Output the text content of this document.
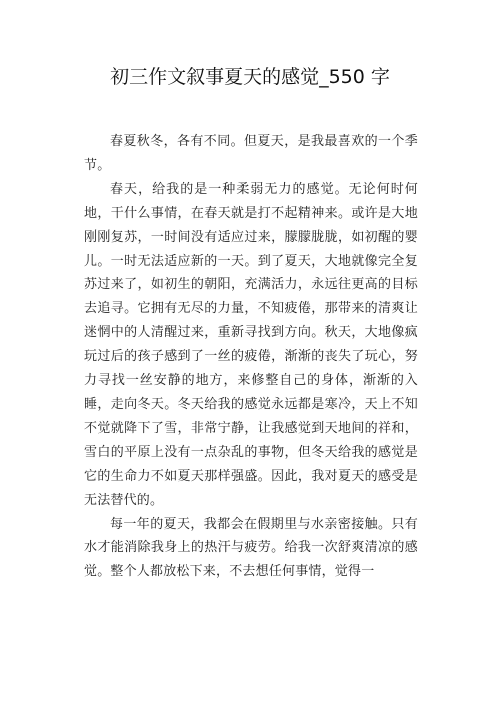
初三作文叙事夏天的感觉_550 字

春夏秋冬，各有不同。但夏天，是我最喜欢的一个季节。

春天，给我的是一种柔弱无力的感觉。无论何时何地，干什么事情，在春天就是打不起精神来。或许是大地刚刚复苏，一时间没有适应过来，朦朦胧胧，如初醒的婴儿。一时无法适应新的一天。到了夏天，大地就像完全复苏过来了，如初生的朝阳，充满活力，永远往更高的目标去追寻。它拥有无尽的力量，不知疲倦，那带来的清爽让迷惘中的人清醒过来，重新寻找到方向。秋天，大地像疯玩过后的孩子感到了一丝的疲倦，渐渐的丧失了玩心，努力寻找一丝安静的地方，来修整自己的身体，渐渐的入睡，走向冬天。冬天给我的感觉永远都是寒冷，天上不知不觉就降下了雪，非常宁静，让我感觉到天地间的祥和，雪白的平原上没有一点杂乱的事物，但冬天给我的感觉是它的生命力不如夏天那样强盛。因此，我对夏天的感受是无法替代的。

每一年的夏天，我都会在假期里与水亲密接触。只有水才能消除我身上的热汗与疲劳。给我一次舒爽清凉的感觉。整个人都放松下来，不去想任何事情，觉得一
